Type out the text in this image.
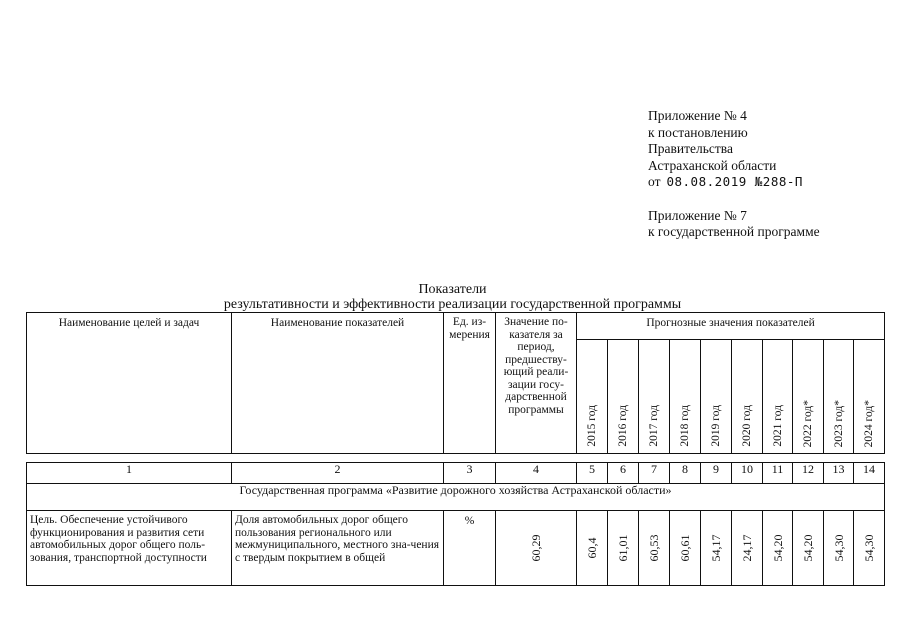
Приложение № 4
к постановлению
Правительства
Астраханской области
от 08.08.2019 №288-П
Приложение № 7
к государственной программе
Показатели
результативности и эффективности реализации государственной программы
Наименование целей и задач	Наименование показателей	Ед. из-мерения	Значение по-казателя за период, предшеству-ющий реали-зации госу-дарственной программы	Прогнозные значения показателей									

				2015 год	2016 год	2017 год	2018 год	2019 год	2020 год	2021 год	2022 год*	2023 год*	2024 год*

1	2	3	4	5	6	7	8	9	10	11	12	13	14
Государственная программа «Развитие дорожного хозяйства Астраханской области»													
Цель. Обеспечение устойчивого функционирования и развития сети автомобильных дорог общего поль-зования, транспортной доступности	Доля автомобильных дорог общего пользования регионального или межмуниципального, местного зна-чения с твердым покрытием в общей	%	60,29	60,4	61,01	60,53	60,61	54,17	24,17	54,20	54,20	54,30	54,30
